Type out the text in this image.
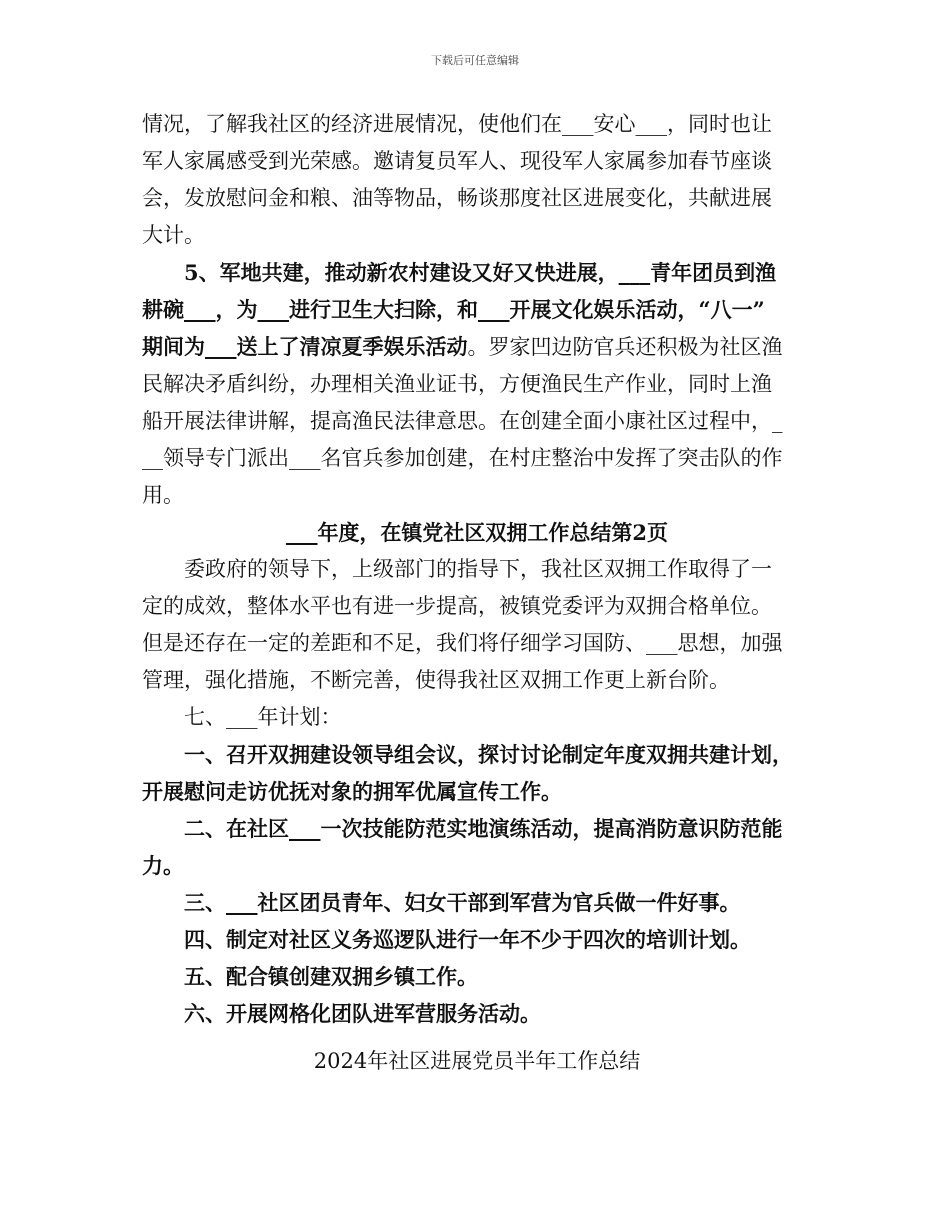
下载后可任意编辑

情况，了解我社区的经济进展情况，使他们在___安心___，同时也让

军人家属感受到光荣感。邀请复员军人、现役军人家属参加春节座谈

会，发放慰问金和粮、油等物品，畅谈那度社区进展变化，共献进展

大计。

5、军地共建，推动新农村建设又好又快进展，___青年团员到渔

耕碗___，为___进行卫生大扫除，和___开展文化娱乐活动，“八一”

期间为___送上了清凉夏季娱乐活动。罗家凹边防官兵还积极为社区渔

民解决矛盾纠纷，办理相关渔业证书，方便渔民生产作业，同时上渔

船开展法律讲解，提高渔民法律意思。在创建全面小康社区过程中，_

__领导专门派出___名官兵参加创建，在村庄整治中发挥了突击队的作

用。

___年度，在镇党社区双拥工作总结第2页

委政府的领导下，上级部门的指导下，我社区双拥工作取得了一

定的成效，整体水平也有进一步提高，被镇党委评为双拥合格单位。

但是还存在一定的差距和不足，我们将仔细学习国防、___思想，加强

管理，强化措施，不断完善，使得我社区双拥工作更上新台阶。

七、___年计划：

一、召开双拥建设领导组会议，探讨讨论制定年度双拥共建计划，

开展慰问走访优抚对象的拥军优属宣传工作。

二、在社区___一次技能防范实地演练活动，提高消防意识防范能

力。

三、___社区团员青年、妇女干部到军营为官兵做一件好事。

四、制定对社区义务巡逻队进行一年不少于四次的培训计划。

五、配合镇创建双拥乡镇工作。

六、开展网格化团队进军营服务活动。

2024年社区进展党员半年工作总结
